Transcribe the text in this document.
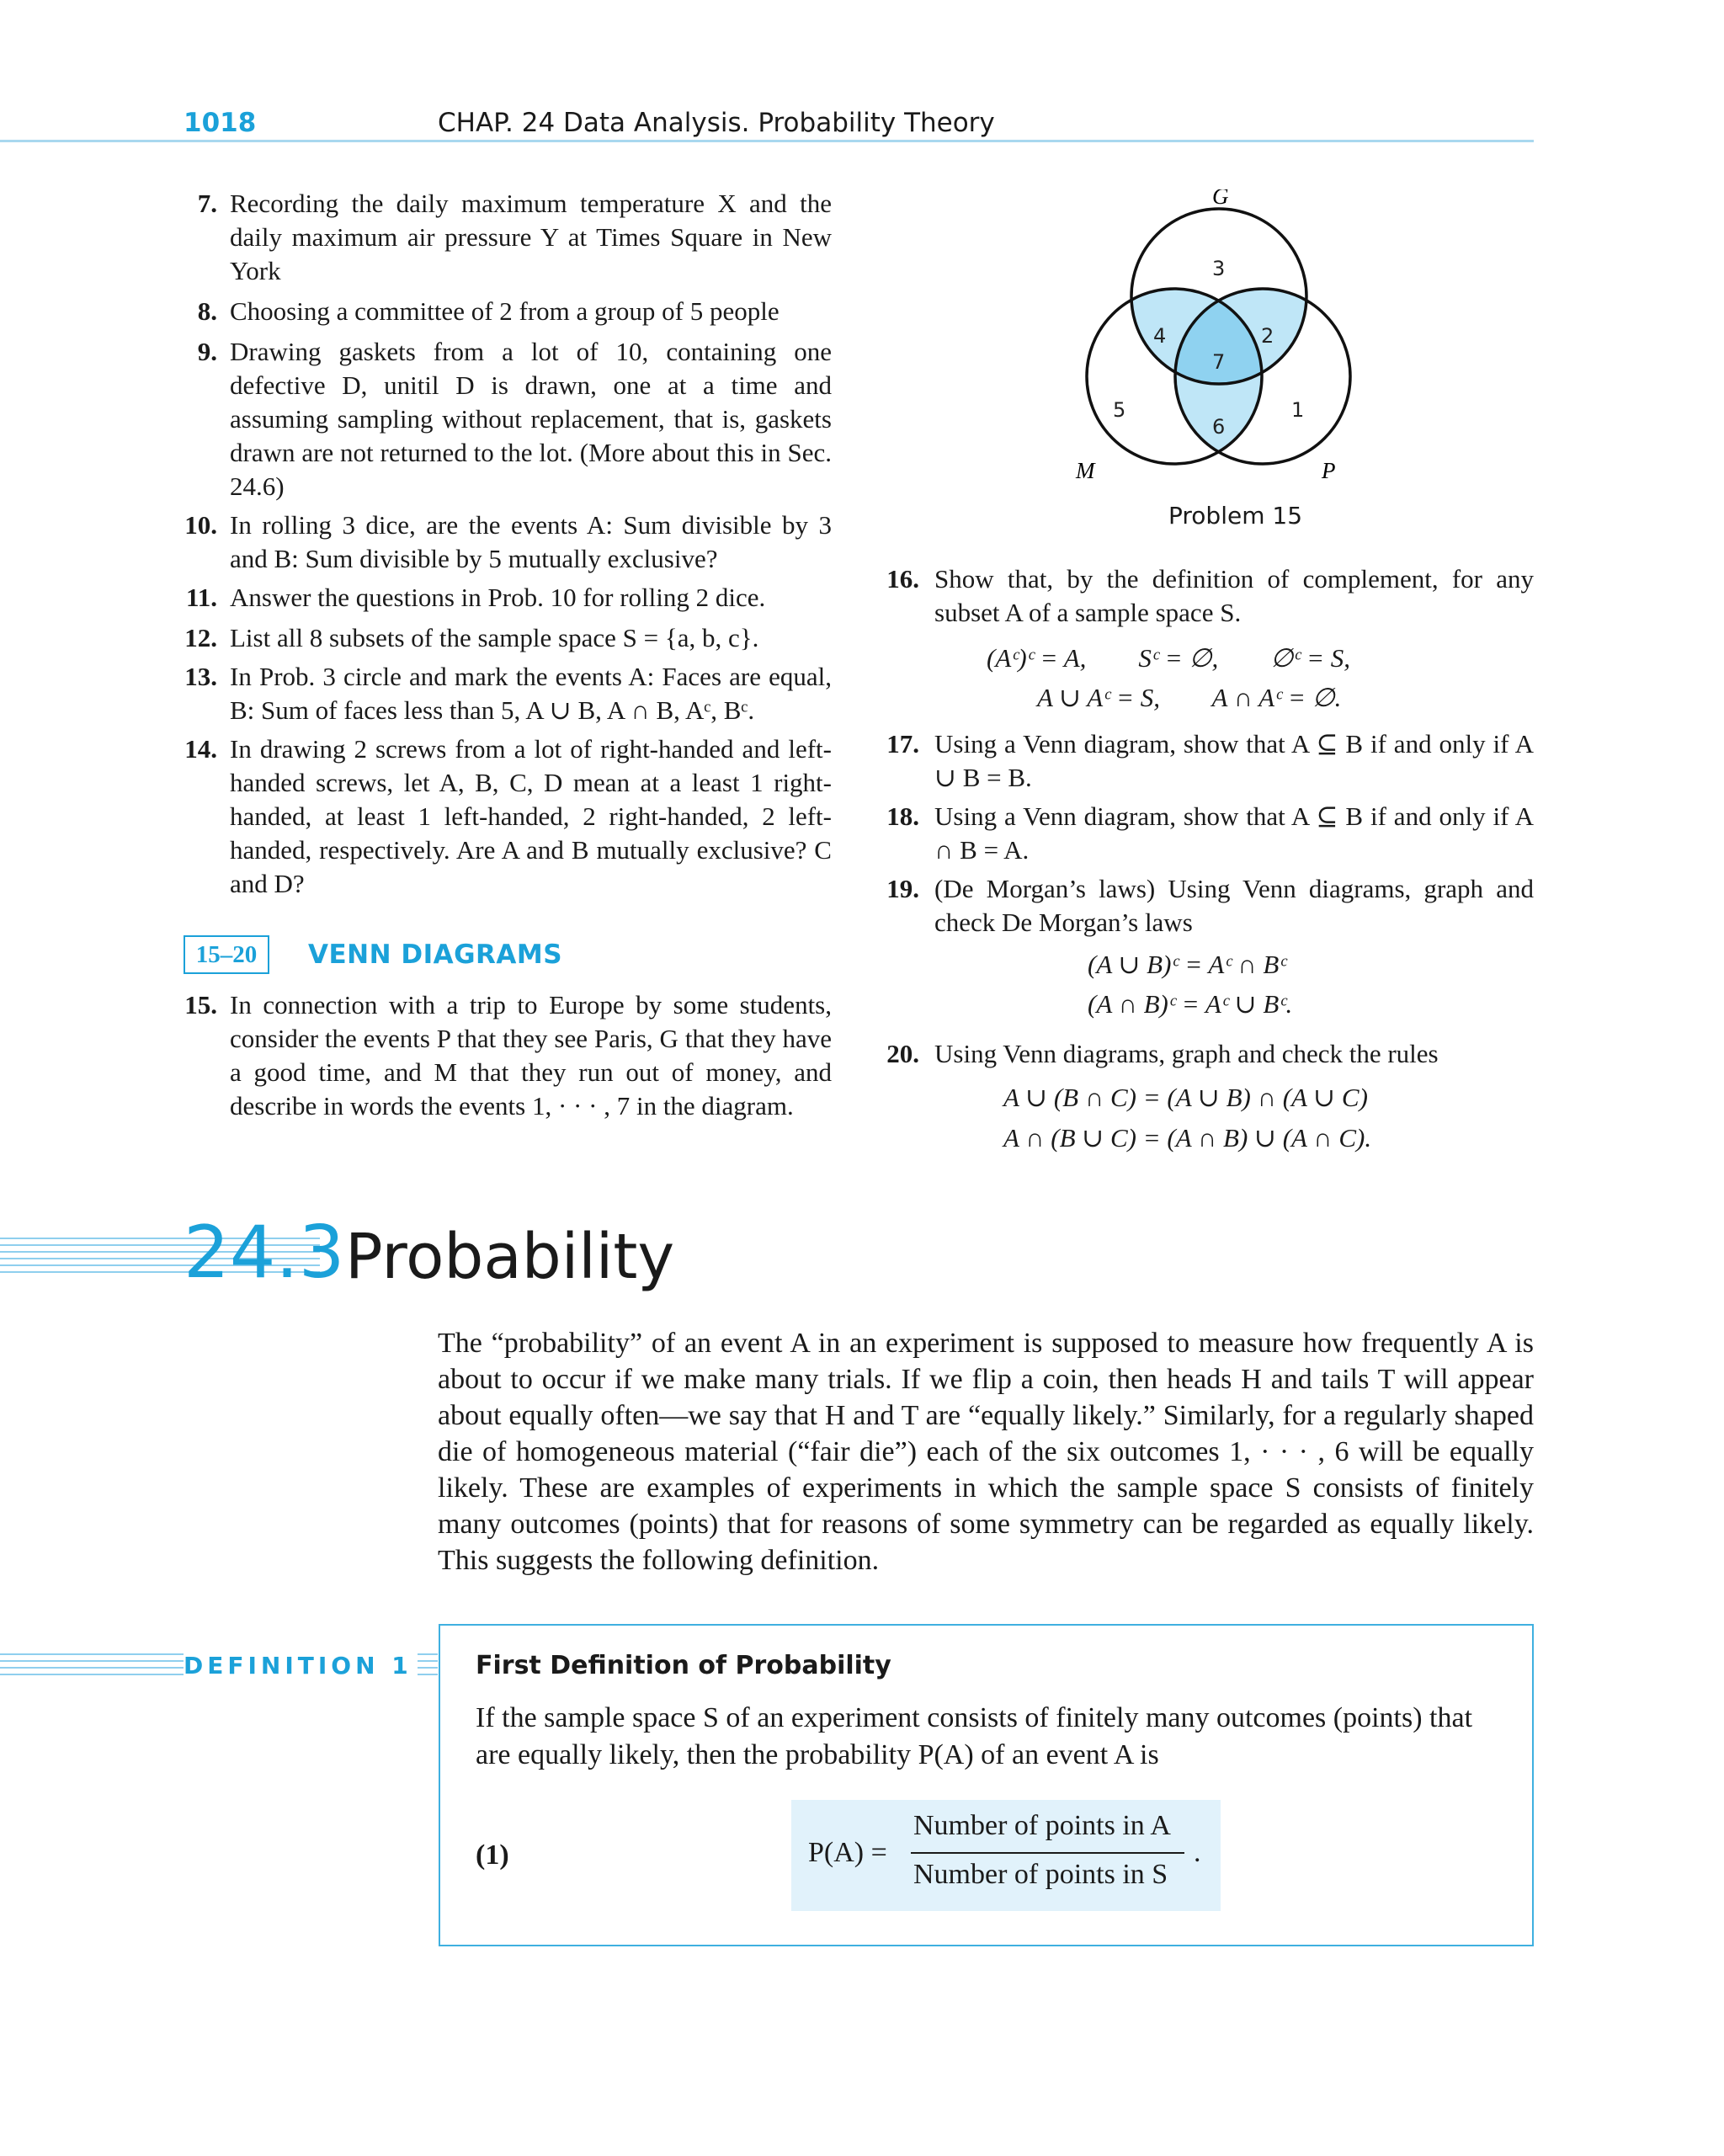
1018	CHAP. 24 Data Analysis. Probability Theory
7. Recording the daily maximum temperature X and the daily maximum air pressure Y at Times Square in New York
8. Choosing a committee of 2 from a group of 5 people
9. Drawing gaskets from a lot of 10, containing one defective D, unitil D is drawn, one at a time and assuming sampling without replacement, that is, gaskets drawn are not returned to the lot. (More about this in Sec. 24.6)
10. In rolling 3 dice, are the events A: Sum divisible by 3 and B: Sum divisible by 5 mutually exclusive?
11. Answer the questions in Prob. 10 for rolling 2 dice.
12. List all 8 subsets of the sample space S = {a, b, c}.
13. In Prob. 3 circle and mark the events A: Faces are equal, B: Sum of faces less than 5, A ∪ B, A ∩ B, Aᶜ, Bᶜ.
14. In drawing 2 screws from a lot of right-handed and left-handed screws, let A, B, C, D mean at a least 1 right-handed, at least 1 left-handed, 2 right-handed, 2 left-handed, respectively. Are A and B mutually exclusive? C and D?
15–20	VENN DIAGRAMS
15. In connection with a trip to Europe by some students, consider the events P that they see Paris, G that they have a good time, and M that they run out of money, and describe in words the events 1, · · · , 7 in the diagram.
G
M	P
1
2
3
4
5
6
7
Problem 15
16. Show that, by the definition of complement, for any subset A of a sample space S.
(Aᶜ)ᶜ = A,        Sᶜ = ∅,        ∅ᶜ = S,
A ∪ Aᶜ = S,        A ∩ Aᶜ = ∅.
17. Using a Venn diagram, show that A ⊆ B if and only if A ∪ B = B.
18. Using a Venn diagram, show that A ⊆ B if and only if A ∩ B = A.
19. (De Morgan’s laws) Using Venn diagrams, graph and check De Morgan’s laws
(A ∪ B)ᶜ = Aᶜ ∩ Bᶜ
(A ∩ B)ᶜ = Aᶜ ∪ Bᶜ.
20. Using Venn diagrams, graph and check the rules
A ∪ (B ∩ C) = (A ∪ B) ∩ (A ∪ C)
A ∩ (B ∪ C) = (A ∩ B) ∪ (A ∩ C).
24.3 Probability
The “probability” of an event A in an experiment is supposed to measure how frequently A is about to occur if we make many trials. If we flip a coin, then heads H and tails T will appear about equally often—we say that H and T are “equally likely.” Similarly, for a regularly shaped die of homogeneous material (“fair die”) each of the six outcomes 1, · · · , 6 will be equally likely. These are examples of experiments in which the sample space S consists of finitely many outcomes (points) that for reasons of some symmetry can be regarded as equally likely. This suggests the following definition.
DEFINITION 1	First Definition of Probability
If the sample space S of an experiment consists of finitely many outcomes (points) that are equally likely, then the probability P(A) of an event A is
(1)	P(A) =
Number of points in A
Number of points in S
.
